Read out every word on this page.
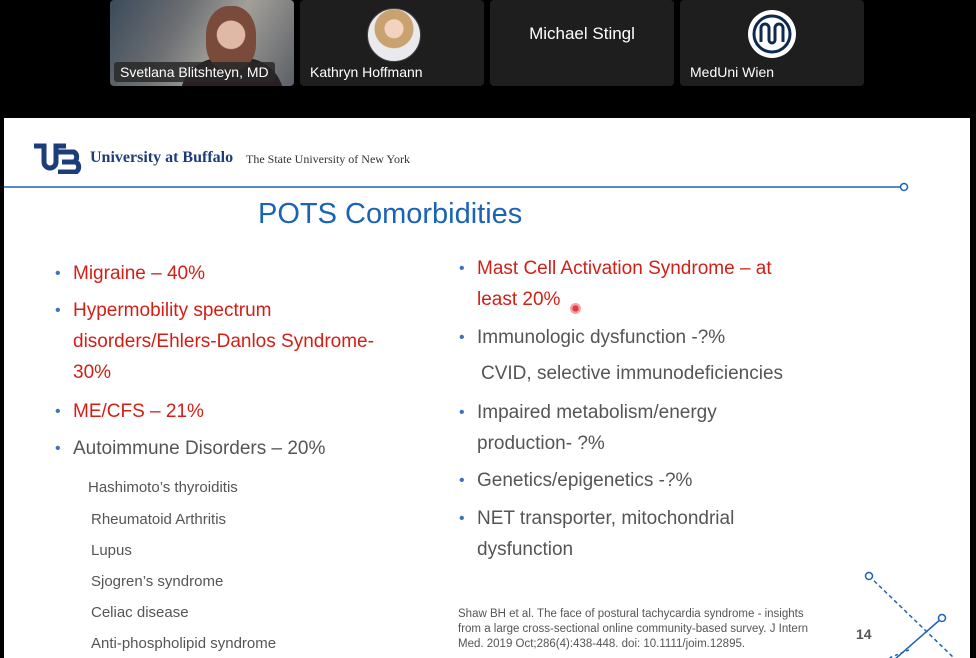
Svetlana Blitshteyn, MD	Kathryn Hoffmann
Michael Stingl
MedUni Wien
University at Buffalo The State University of New York
POTS Comorbidities
• Migraine – 40%
• Hypermobility spectrum
disorders/Ehlers-Danlos Syndrome-
30%
• ME/CFS – 21%
• Autoimmune Disorders – 20%
Hashimoto’s thyroiditis
Rheumatoid Arthritis
Lupus
Sjogren’s syndrome
Celiac disease
Anti-phospholipid syndrome
• Mast Cell Activation Syndrome – at
least 20%
• Immunologic dysfunction -?%
CVID, selective immunodeficiencies
• Impaired metabolism/energy
production- ?%
• Genetics/epigenetics -?%
• NET transporter, mitochondrial
dysfunction
Shaw BH et al. The face of postural tachycardia syndrome - insights
from a large cross-sectional online community-based survey. J Intern
Med. 2019 Oct;286(4):438-448. doi: 10.1111/joim.12895.
14
